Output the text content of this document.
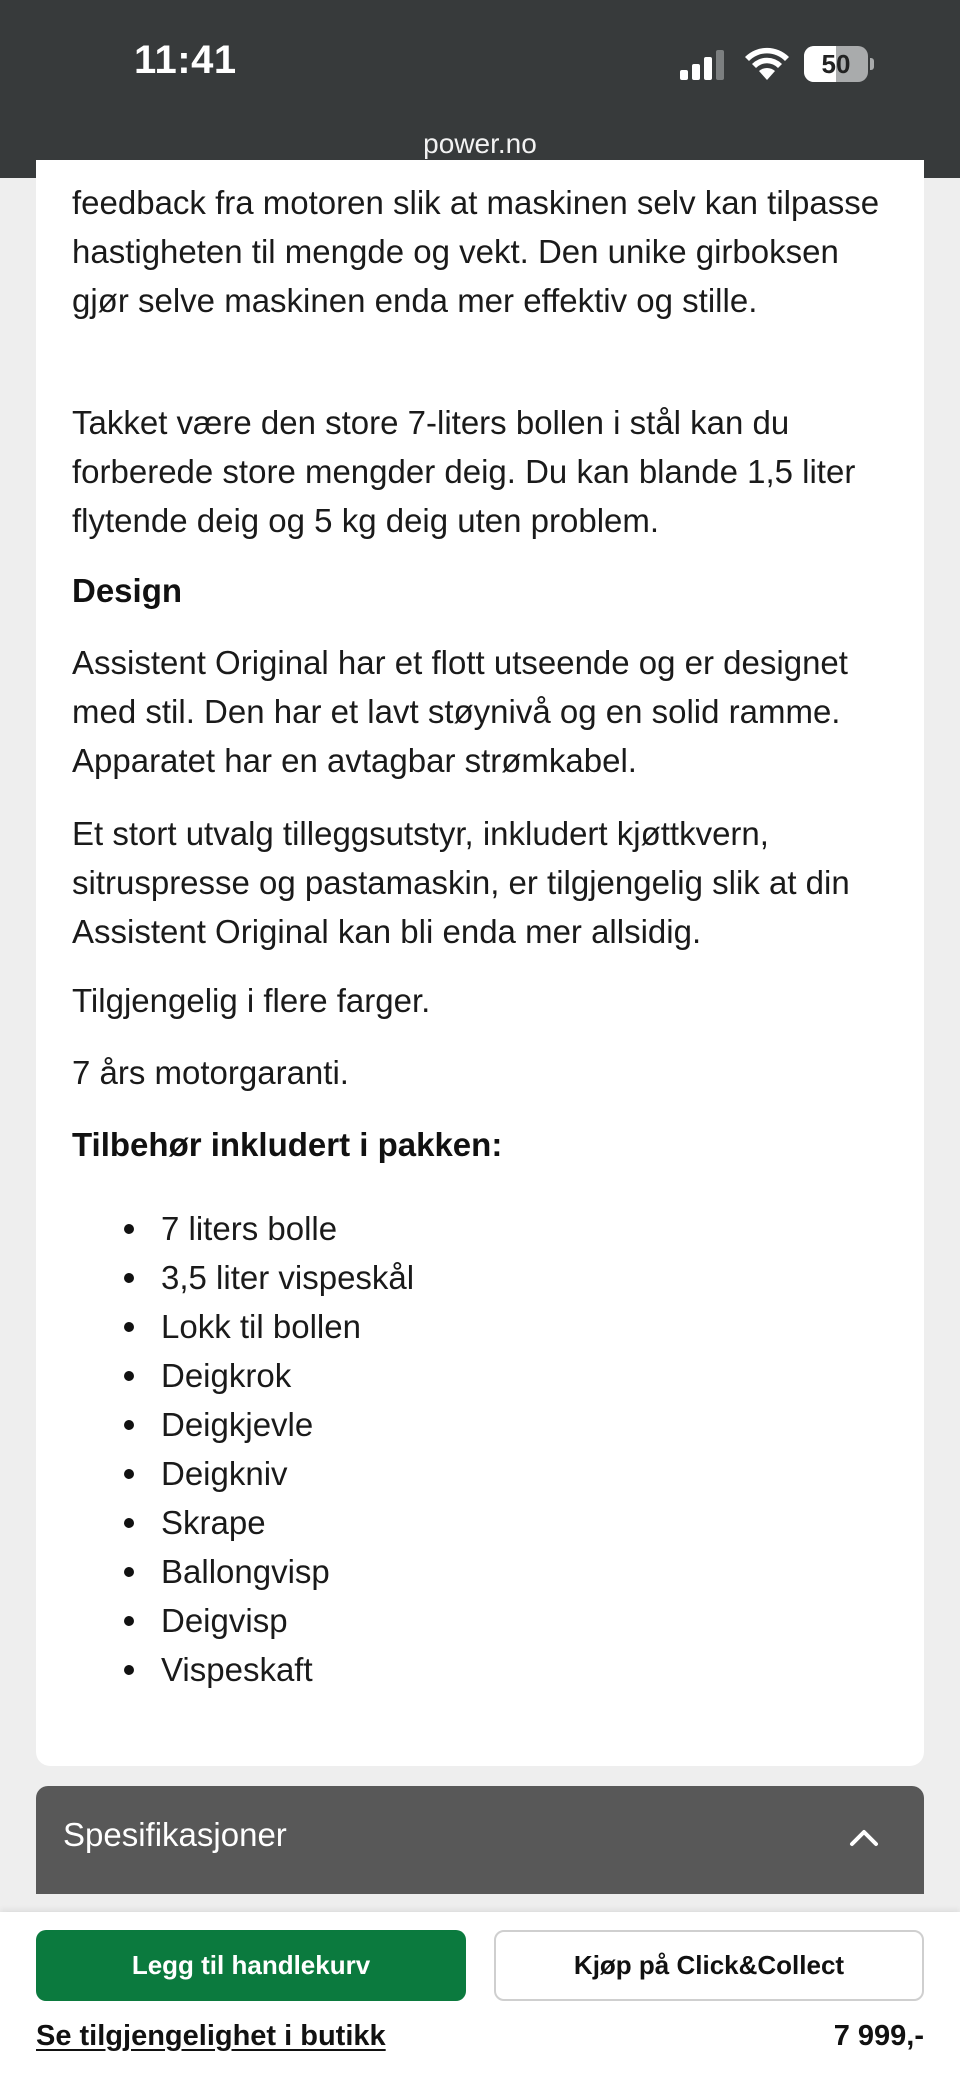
11:41	50
power.no

feedback fra motoren slik at maskinen selv kan tilpasse hastigheten til mengde og vekt. Den unike girboksen gjør selve maskinen enda mer effektiv og stille.

Takket være den store 7-liters bollen i stål kan du forberede store mengder deig. Du kan blande 1,5 liter flytende deig og 5 kg deig uten problem.

Design

Assistent Original har et flott utseende og er designet med stil. Den har et lavt støynivå og en solid ramme. Apparatet har en avtagbar strømkabel.

Et stort utvalg tilleggsutstyr, inkludert kjøttkvern, sitruspresse og pastamaskin, er tilgjengelig slik at din Assistent Original kan bli enda mer allsidig.

Tilgjengelig i flere farger.

7 års motorgaranti.

Tilbehør inkludert i pakken:
7 liters bolle
3,5 liter vispeskål
Lokk til bollen
Deigkrok
Deigkjevle
Deigkniv
Skrape
Ballongvisp
Deigvisp
Vispeskaft
Spesifikasjoner
Legg til handlekurv	Kjøp på Click&Collect
Se tilgjengelighet i butikk	7 999,-
